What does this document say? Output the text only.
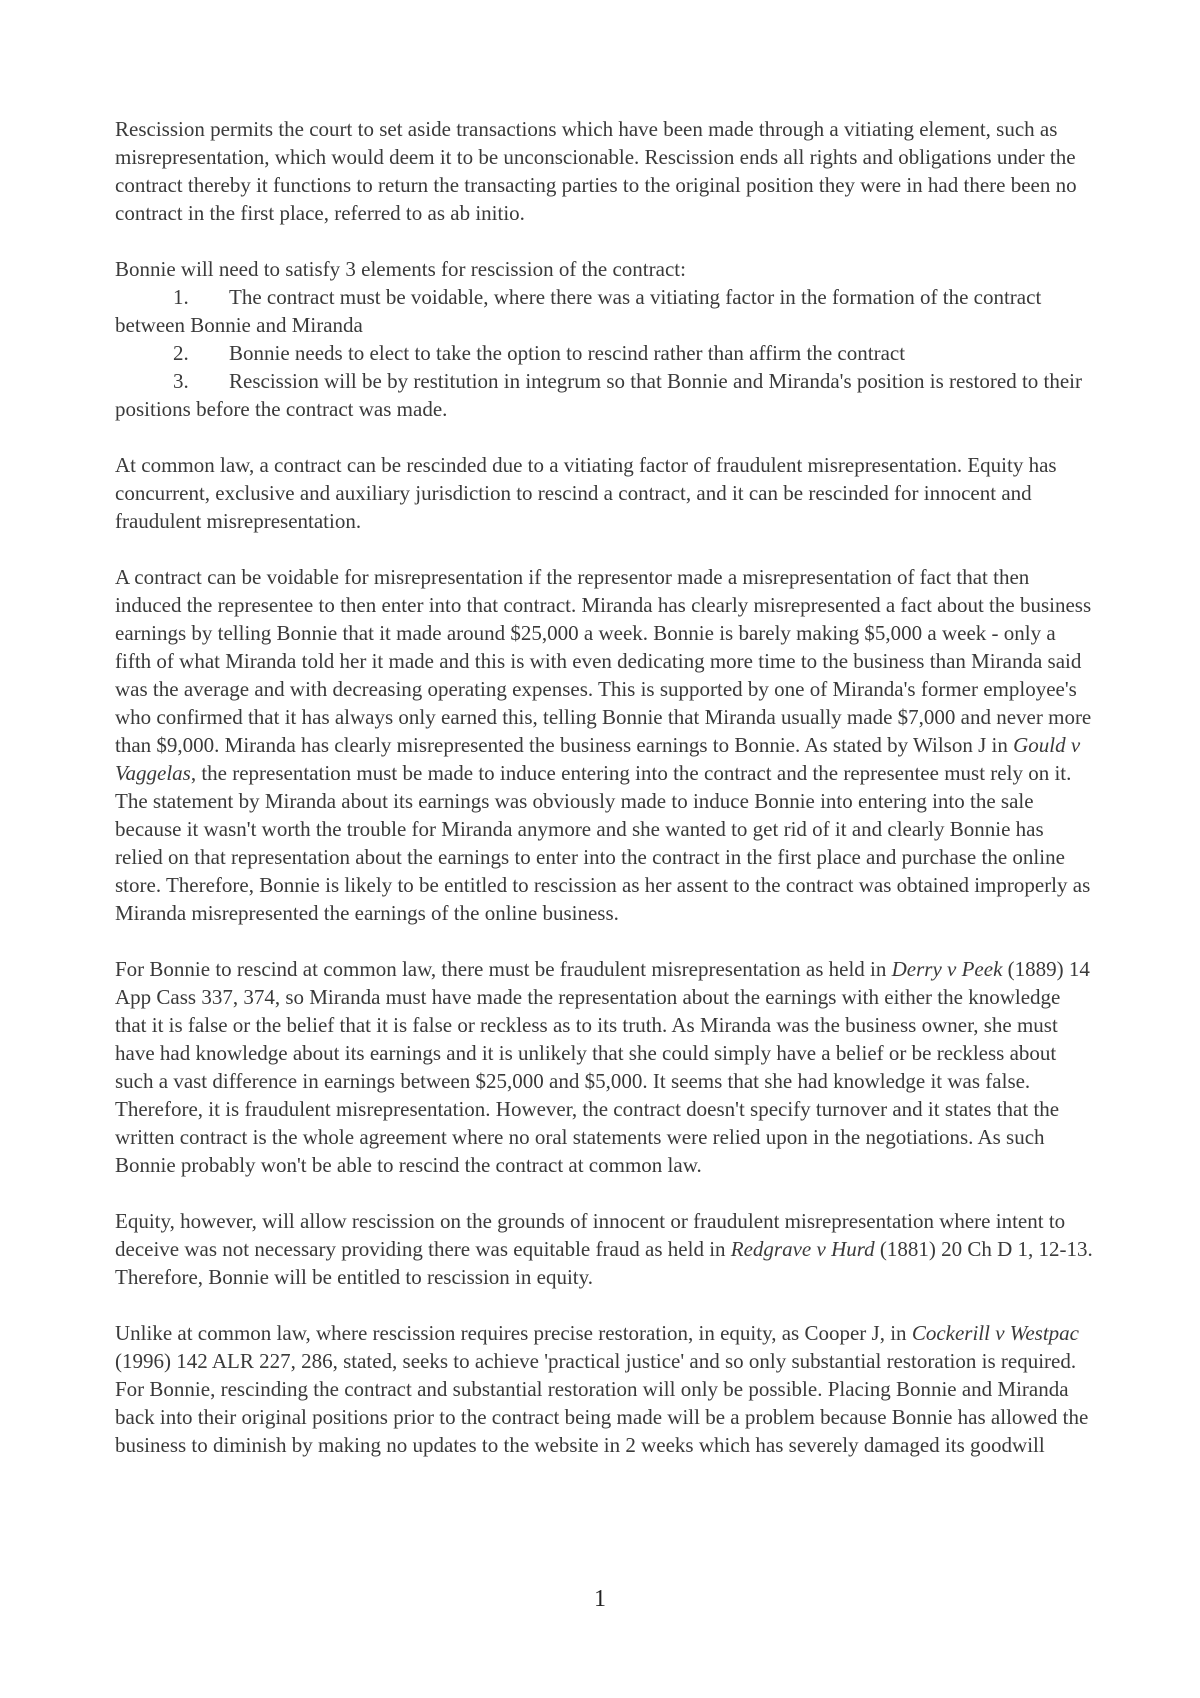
Rescission permits the court to set aside transactions which have been made through a vitiating element, such as misrepresentation, which would deem it to be unconscionable. Rescission ends all rights and obligations under the contract thereby it functions to return the transacting parties to the original position they were in had there been no contract in the first place, referred to as ab initio.

Bonnie will need to satisfy 3 elements for rescission of the contract:
1. The contract must be voidable, where there was a vitiating factor in the formation of the contract between Bonnie and Miranda
2. Bonnie needs to elect to take the option to rescind rather than affirm the contract
3. Rescission will be by restitution in integrum so that Bonnie and Miranda's position is restored to their positions before the contract was made.

At common law, a contract can be rescinded due to a vitiating factor of fraudulent misrepresentation. Equity has concurrent, exclusive and auxiliary jurisdiction to rescind a contract, and it can be rescinded for innocent and fraudulent misrepresentation.

A contract can be voidable for misrepresentation if the representor made a misrepresentation of fact that then induced the representee to then enter into that contract. Miranda has clearly misrepresented a fact about the business earnings by telling Bonnie that it made around $25,000 a week. Bonnie is barely making $5,000 a week - only a fifth of what Miranda told her it made and this is with even dedicating more time to the business than Miranda said was the average and with decreasing operating expenses. This is supported by one of Miranda's former employee's who confirmed that it has always only earned this, telling Bonnie that Miranda usually made $7,000 and never more than $9,000. Miranda has clearly misrepresented the business earnings to Bonnie. As stated by Wilson J in Gould v Vaggelas, the representation must be made to induce entering into the contract and the representee must rely on it. The statement by Miranda about its earnings was obviously made to induce Bonnie into entering into the sale because it wasn't worth the trouble for Miranda anymore and she wanted to get rid of it and clearly Bonnie has relied on that representation about the earnings to enter into the contract in the first place and purchase the online store. Therefore, Bonnie is likely to be entitled to rescission as her assent to the contract was obtained improperly as Miranda misrepresented the earnings of the online business.

For Bonnie to rescind at common law, there must be fraudulent misrepresentation as held in Derry v Peek (1889) 14 App Cass 337, 374, so Miranda must have made the representation about the earnings with either the knowledge that it is false or the belief that it is false or reckless as to its truth. As Miranda was the business owner, she must have had knowledge about its earnings and it is unlikely that she could simply have a belief or be reckless about such a vast difference in earnings between $25,000 and $5,000. It seems that she had knowledge it was false. Therefore, it is fraudulent misrepresentation. However, the contract doesn't specify turnover and it states that the written contract is the whole agreement where no oral statements were relied upon in the negotiations. As such Bonnie probably won't be able to rescind the contract at common law.

Equity, however, will allow rescission on the grounds of innocent or fraudulent misrepresentation where intent to deceive was not necessary providing there was equitable fraud as held in Redgrave v Hurd (1881) 20 Ch D 1, 12-13. Therefore, Bonnie will be entitled to rescission in equity.

Unlike at common law, where rescission requires precise restoration, in equity, as Cooper J, in Cockerill v Westpac (1996) 142 ALR 227, 286, stated, seeks to achieve 'practical justice' and so only substantial restoration is required. For Bonnie, rescinding the contract and substantial restoration will only be possible. Placing Bonnie and Miranda back into their original positions prior to the contract being made will be a problem because Bonnie has allowed the business to diminish by making no updates to the website in 2 weeks which has severely damaged its goodwill

1
